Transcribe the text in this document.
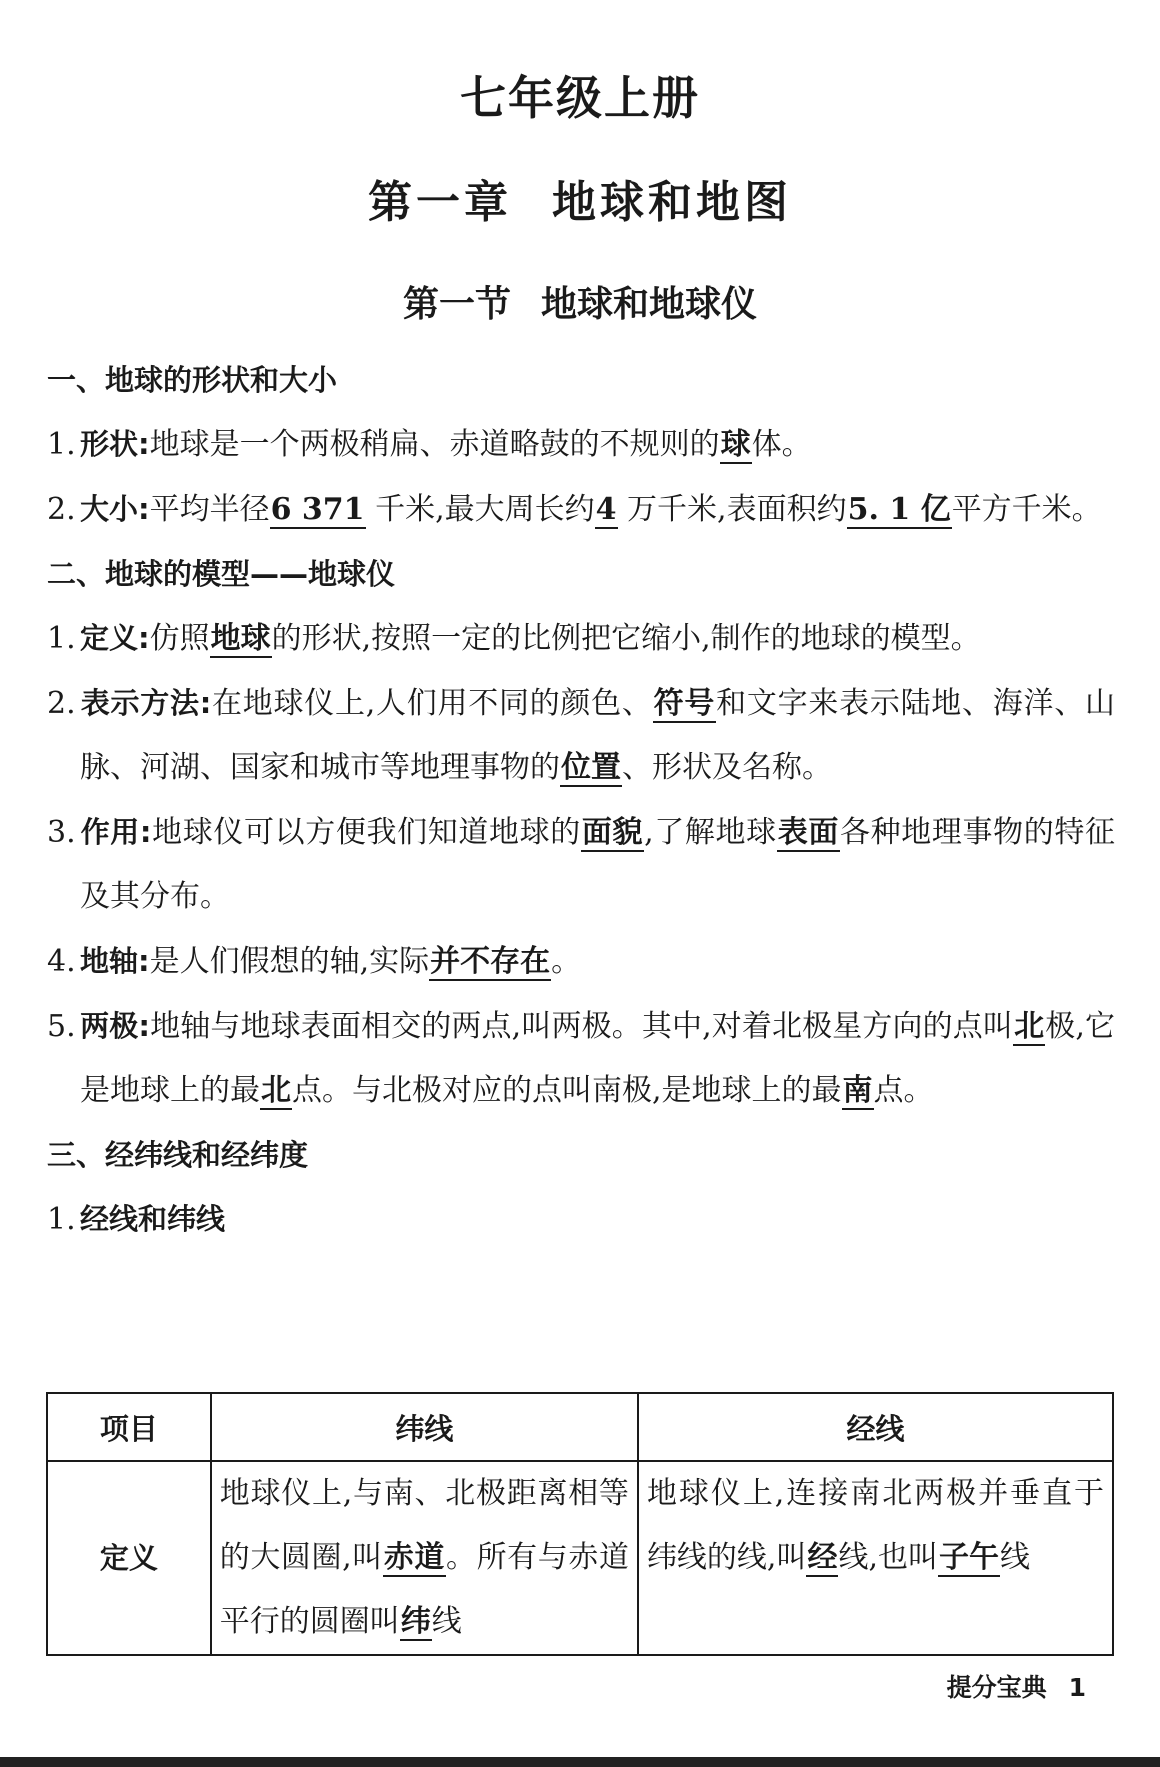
七年级上册
第一章 地球和地图
第一节 地球和地球仪
一、地球的形状和大小
1. 形状:地球是一个两极稍扁、赤道略鼓的不规则的球体。
2. 大小:平均半径6 371 千米,最大周长约4 万千米,表面积约5. 1 亿平方千米。
二、地球的模型——地球仪
1. 定义:仿照地球的形状,按照一定的比例把它缩小,制作的地球的模型。
2. 表示方法:在地球仪上,人们用不同的颜色、符号和文字来表示陆地、海洋、山脉、河湖、国家和城市等地理事物的位置、形状及名称。
3. 作用:地球仪可以方便我们知道地球的面貌,了解地球表面各种地理事物的特征及其分布。
4. 地轴:是人们假想的轴,实际并不存在。
5. 两极:地轴与地球表面相交的两点,叫两极。其中,对着北极星方向的点叫北极,它是地球上的最北点。与北极对应的点叫南极,是地球上的最南点。
三、经纬线和经纬度
1. 经线和纬线
项目	纬线	经线
定义	地球仪上,与南、北极距离相等的大圆圈,叫赤道。所有与赤道平行的圆圈叫纬线	地球仪上,连接南北两极并垂直于纬线的线,叫经线,也叫子午线
提分宝典 1
